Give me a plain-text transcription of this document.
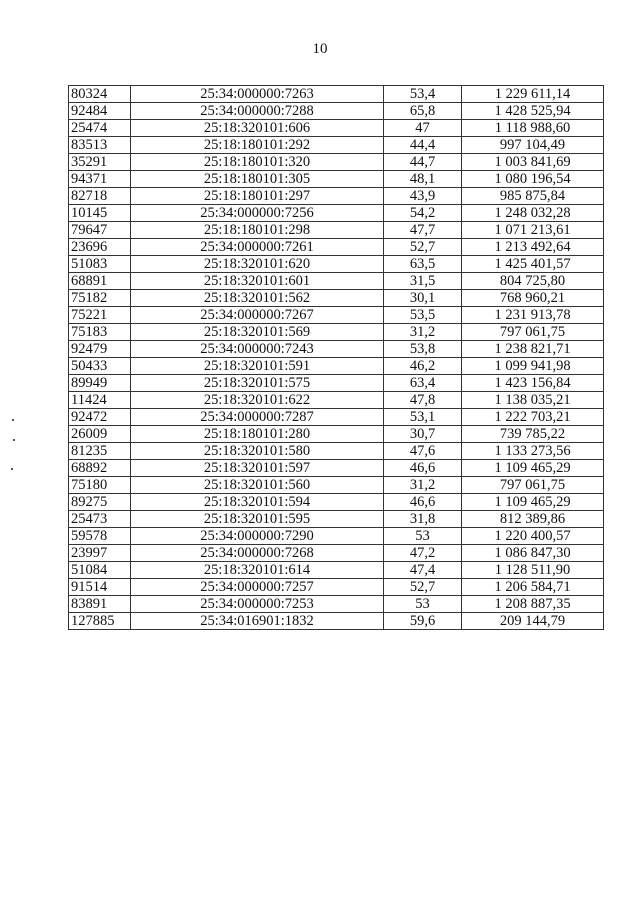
10
80324	25:34:000000:7263	53,4	1 229 611,14
92484	25:34:000000:7288	65,8	1 428 525,94
25474	25:18:320101:606	47	1 118 988,60
83513	25:18:180101:292	44,4	997 104,49
35291	25:18:180101:320	44,7	1 003 841,69
94371	25:18:180101:305	48,1	1 080 196,54
82718	25:18:180101:297	43,9	985 875,84
10145	25:34:000000:7256	54,2	1 248 032,28
79647	25:18:180101:298	47,7	1 071 213,61
23696	25:34:000000:7261	52,7	1 213 492,64
51083	25:18:320101:620	63,5	1 425 401,57
68891	25:18:320101:601	31,5	804 725,80
75182	25:18:320101:562	30,1	768 960,21
75221	25:34:000000:7267	53,5	1 231 913,78
75183	25:18:320101:569	31,2	797 061,75
92479	25:34:000000:7243	53,8	1 238 821,71
50433	25:18:320101:591	46,2	1 099 941,98
89949	25:18:320101:575	63,4	1 423 156,84
11424	25:18:320101:622	47,8	1 138 035,21
92472	25:34:000000:7287	53,1	1 222 703,21
26009	25:18:180101:280	30,7	739 785,22
81235	25:18:320101:580	47,6	1 133 273,56
68892	25:18:320101:597	46,6	1 109 465,29
75180	25:18:320101:560	31,2	797 061,75
89275	25:18:320101:594	46,6	1 109 465,29
25473	25:18:320101:595	31,8	812 389,86
59578	25:34:000000:7290	53	1 220 400,57
23997	25:34:000000:7268	47,2	1 086 847,30
51084	25:18:320101:614	47,4	1 128 511,90
91514	25:34:000000:7257	52,7	1 206 584,71
83891	25:34:000000:7253	53	1 208 887,35
127885	25:34:016901:1832	59,6	209 144,79
